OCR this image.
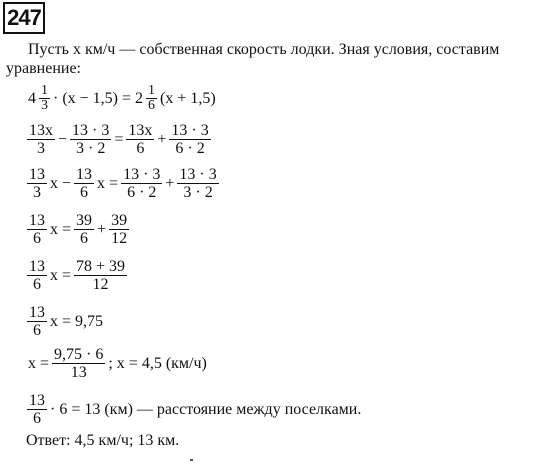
247
Пусть x км/ч — собственная скорость лодки. Зная условия, составим уравнение:
$4 \frac{1}{3} \cdot (x - 1,5) = 2 \frac{1}{6} (x + 1,5)$
$\frac{13x}{3} - \frac{13 \cdot 3}{3 \cdot 2} = \frac{13x}{6} + \frac{13 \cdot 3}{6 \cdot 2}$
$\frac{13}{3}$ $x - \frac{13}{6}$ $x = \frac{13 \cdot 3}{6 \cdot 2} + \frac{13 \cdot 3}{3 \cdot 2}$
$\frac{13}{6}$ $x = \frac{39}{6} + \frac{39}{12}$
$\frac{13}{6}$ $x = \frac{78 + 39}{12}$
$\frac{13}{6}$ x = 9,75
$x = \frac{9,75 \cdot 6}{13}$ ; x = 4,5 (км/ч)
$\frac{13}{6} \cdot 6 = 13$ (км) — расстояние между поселками.
Ответ: 4,5 км/ч; 13 км.
